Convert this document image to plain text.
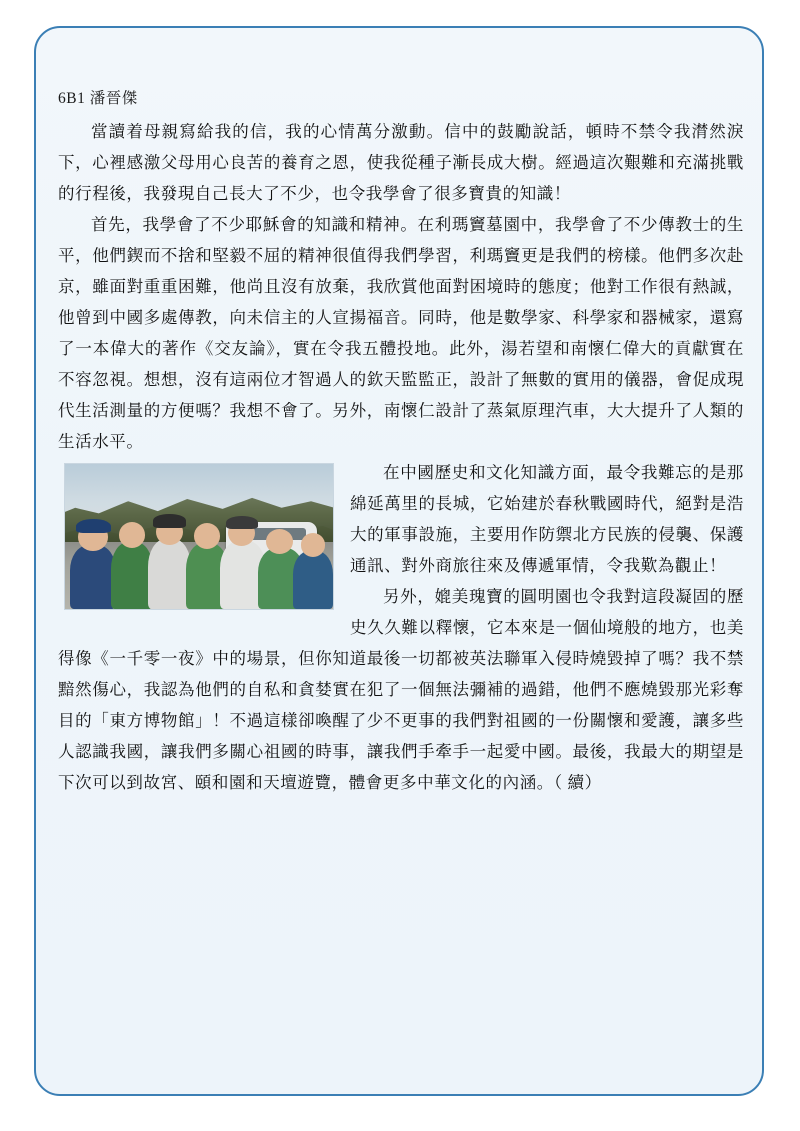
6B1 潘晉傑

當讀着母親寫給我的信，我的心情萬分激動。信中的鼓勵說話，頓時不禁令我潸然淚下，心裡感激父母用心良苦的養育之恩，使我從種子漸長成大樹。經過這次艱難和充滿挑戰的行程後，我發現自己長大了不少，也令我學會了很多寶貴的知識！

首先，我學會了不少耶穌會的知識和精神。在利瑪竇墓園中，我學會了不少傳教士的生平，他們鍥而不捨和堅毅不屈的精神很值得我們學習，利瑪竇更是我們的榜樣。他們多次赴京，雖面對重重困難，他尚且沒有放棄，我欣賞他面對困境時的態度；他對工作很有熱誠，他曾到中國多處傳教，向未信主的人宣揚福音。同時，他是數學家、科學家和器械家，還寫了一本偉大的著作《交友論》，實在令我五體投地。此外，湯若望和南懷仁偉大的貢獻實在不容忽視。想想，沒有這兩位才智過人的欽天監監正，設計了無數的實用的儀器，會促成現代生活測量的方便嗎？我想不會了。另外，南懷仁設計了蒸氣原理汽車，大大提升了人類的生活水平。

在中國歷史和文化知識方面，最令我難忘的是那綿延萬里的長城，它始建於春秋戰國時代，絕對是浩大的軍事設施，主要用作防禦北方民族的侵襲、保護通訊、對外商旅往來及傳遞軍情，令我歎為觀止！

另外，媲美瑰寶的圓明園也令我對這段凝固的歷史久久難以釋懷，它本來是一個仙境般的地方，也美得像《一千零一夜》中的場景，但你知道最後一切都被英法聯軍入侵時燒毀掉了嗎？我不禁黯然傷心，我認為他們的自私和貪婪實在犯了一個無法彌補的過錯，他們不應燒毀那光彩奪目的「東方博物館」！不過這樣卻喚醒了少不更事的我們對祖國的一份關懷和愛護，讓多些人認識我國，讓我們多關心祖國的時事，讓我們手牽手一起愛中國。最後，我最大的期望是下次可以到故宮、頤和園和天壇遊覽，體會更多中華文化的內涵。（ 續）
